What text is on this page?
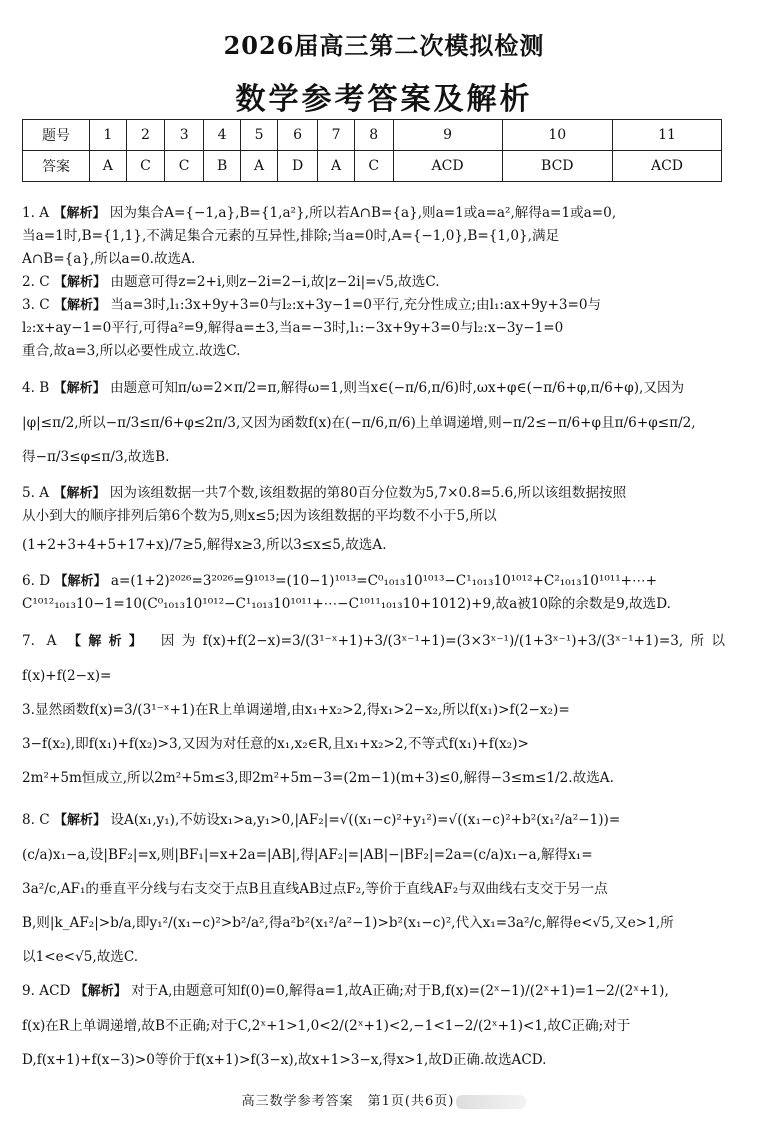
2026届高三第二次模拟检测
数学参考答案及解析
题号	1	2	3	4	5	6	7	8	9	10	11
答案	A	C	C	B	A	D	A	C	ACD	BCD	ACD

1. A 【解析】 因为集合A={−1,a},B={1,a²},所以若A∩B={a},则a=1或a=a²,解得a=1或a=0,

当a=1时,B={1,1},不满足集合元素的互异性,排除;当a=0时,A={−1,0},B={1,0},满足

A∩B={a},所以a=0.故选A.

2. C 【解析】 由题意可得z=2+i,则z−2i=2−i,故|z−2i|=√5,故选C.

3. C 【解析】 当a=3时,l₁:3x+9y+3=0与l₂:x+3y−1=0平行,充分性成立;由l₁:ax+9y+3=0与

l₂:x+ay−1=0平行,可得a²=9,解得a=±3,当a=−3时,l₁:−3x+9y+3=0与l₂:x−3y−1=0

重合,故a=3,所以必要性成立.故选C.

4. B 【解析】 由题意可知π/ω=2×π/2=π,解得ω=1,则当x∈(−π/6,π/6)时,ωx+φ∈(−π/6+φ,π/6+φ),又因为

|φ|≤π/2,所以−π/3≤π/6+φ≤2π/3,又因为函数f(x)在(−π/6,π/6)上单调递增,则−π/2≤−π/6+φ且π/6+φ≤π/2,

得−π/3≤φ≤π/3,故选B.

5. A 【解析】 因为该组数据一共7个数,该组数据的第80百分位数为5,7×0.8=5.6,所以该组数据按照

从小到大的顺序排列后第6个数为5,则x≤5;因为该组数据的平均数不小于5,所以

(1+2+3+4+5+17+x)/7≥5,解得x≥3,所以3≤x≤5,故选A.

6. D 【解析】 a=(1+2)²⁰²⁶=3²⁰²⁶=9¹⁰¹³=(10−1)¹⁰¹³=C⁰₁₀₁₃10¹⁰¹³−C¹₁₀₁₃10¹⁰¹²+C²₁₀₁₃10¹⁰¹¹+⋯+

C¹⁰¹²₁₀₁₃10−1=10(C⁰₁₀₁₃10¹⁰¹²−C¹₁₀₁₃10¹⁰¹¹+⋯−C¹⁰¹¹₁₀₁₃10+1012)+9,故a被10除的余数是9,故选D.

7. A 【解析】 因为f(x)+f(2−x)=3/(3¹⁻ˣ+1)+3/(3ˣ⁻¹+1)=(3×3ˣ⁻¹)/(1+3ˣ⁻¹)+3/(3ˣ⁻¹+1)=3,所以f(x)+f(2−x)=

3.显然函数f(x)=3/(3¹⁻ˣ+1)在R上单调递增,由x₁+x₂>2,得x₁>2−x₂,所以f(x₁)>f(2−x₂)=

3−f(x₂),即f(x₁)+f(x₂)>3,又因为对任意的x₁,x₂∈R,且x₁+x₂>2,不等式f(x₁)+f(x₂)>

2m²+5m恒成立,所以2m²+5m≤3,即2m²+5m−3=(2m−1)(m+3)≤0,解得−3≤m≤1/2.故选A.

8. C 【解析】 设A(x₁,y₁),不妨设x₁>a,y₁>0,|AF₂|=√((x₁−c)²+y₁²)=√((x₁−c)²+b²(x₁²/a²−1))=

(c/a)x₁−a,设|BF₂|=x,则|BF₁|=x+2a=|AB|,得|AF₂|=|AB|−|BF₂|=2a=(c/a)x₁−a,解得x₁=

3a²/c,AF₁的垂直平分线与右支交于点B且直线AB过点F₂,等价于直线AF₂与双曲线右支交于另一点

B,则|k_AF₂|>b/a,即y₁²/(x₁−c)²>b²/a²,得a²b²(x₁²/a²−1)>b²(x₁−c)²,代入x₁=3a²/c,解得e<√5,又e>1,所

以1<e<√5,故选C.

9. ACD 【解析】 对于A,由题意可知f(0)=0,解得a=1,故A正确;对于B,f(x)=(2ˣ−1)/(2ˣ+1)=1−2/(2ˣ+1),

f(x)在R上单调递增,故B不正确;对于C,2ˣ+1>1,0<2/(2ˣ+1)<2,−1<1−2/(2ˣ+1)<1,故C正确;对于

D,f(x+1)+f(x−3)>0等价于f(x+1)>f(3−x),故x+1>3−x,得x>1,故D正确.故选ACD.

高三数学参考答案　第1页(共6页)
